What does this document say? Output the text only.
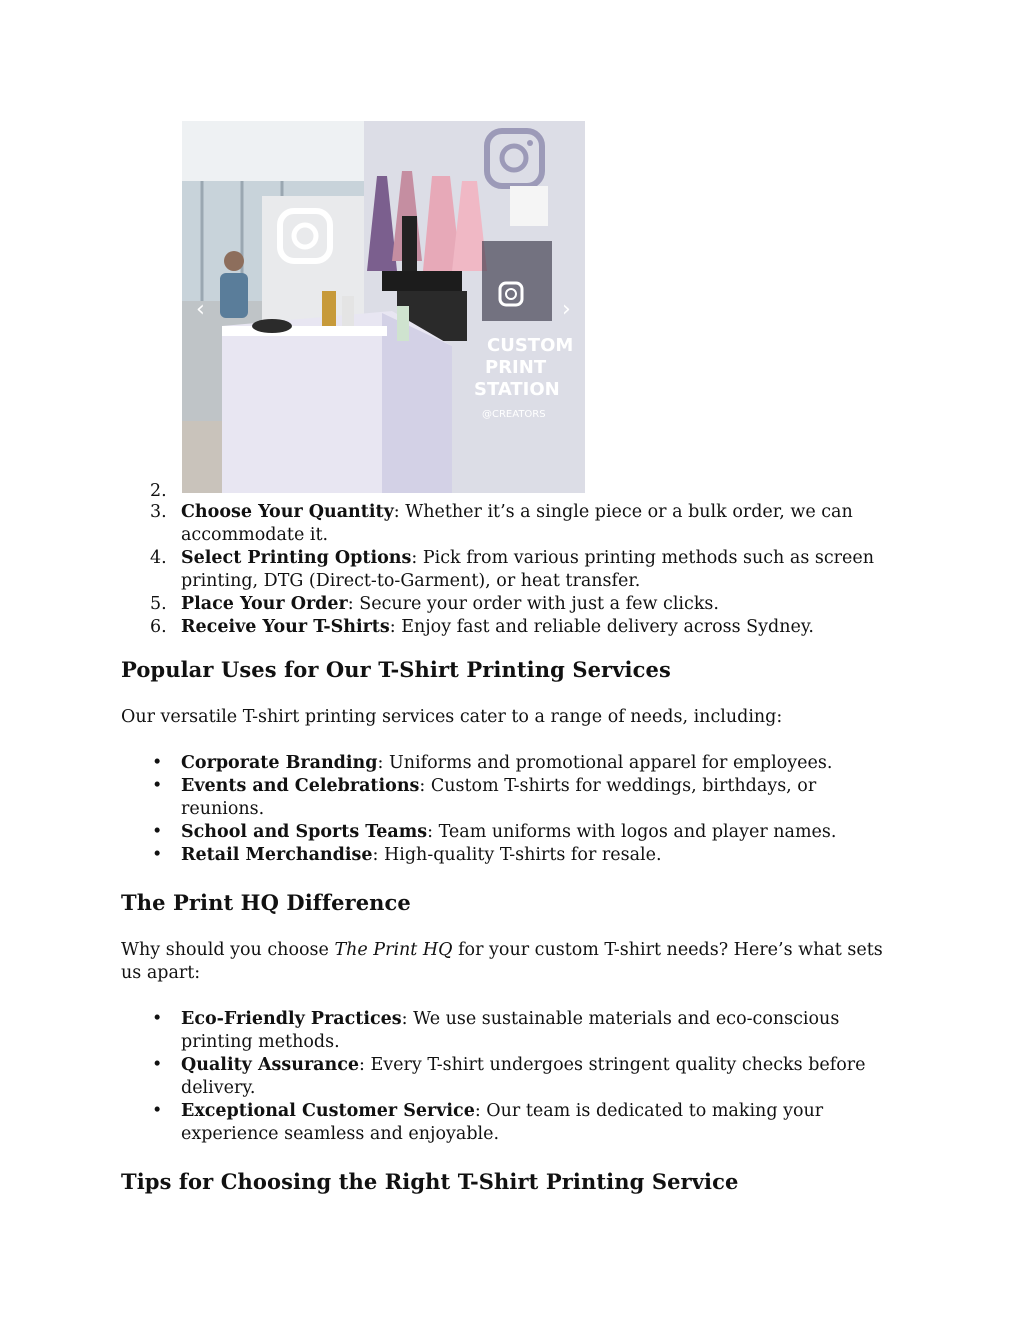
CUSTOM
PRINT
STATION
@CREATORS
‹	›
2.
3. Choose Your Quantity: Whether it’s a single piece or a bulk order, we can accommodate it.
4. Select Printing Options: Pick from various printing methods such as screen printing, DTG (Direct-to-Garment), or heat transfer.
5. Place Your Order: Secure your order with just a few clicks.
6. Receive Your T-Shirts: Enjoy fast and reliable delivery across Sydney.
Popular Uses for Our T-Shirt Printing Services

Our versatile T-shirt printing services cater to a range of needs, including:

• Corporate Branding: Uniforms and promotional apparel for employees.
• Events and Celebrations: Custom T-shirts for weddings, birthdays, or reunions.
• School and Sports Teams: Team uniforms with logos and player names.
• Retail Merchandise: High-quality T-shirts for resale.
The Print HQ Difference

Why should you choose The Print HQ for your custom T-shirt needs? Here’s what sets us apart:

• Eco-Friendly Practices: We use sustainable materials and eco-conscious printing methods.
• Quality Assurance: Every T-shirt undergoes stringent quality checks before delivery.
• Exceptional Customer Service: Our team is dedicated to making your experience seamless and enjoyable.
Tips for Choosing the Right T-Shirt Printing Service
